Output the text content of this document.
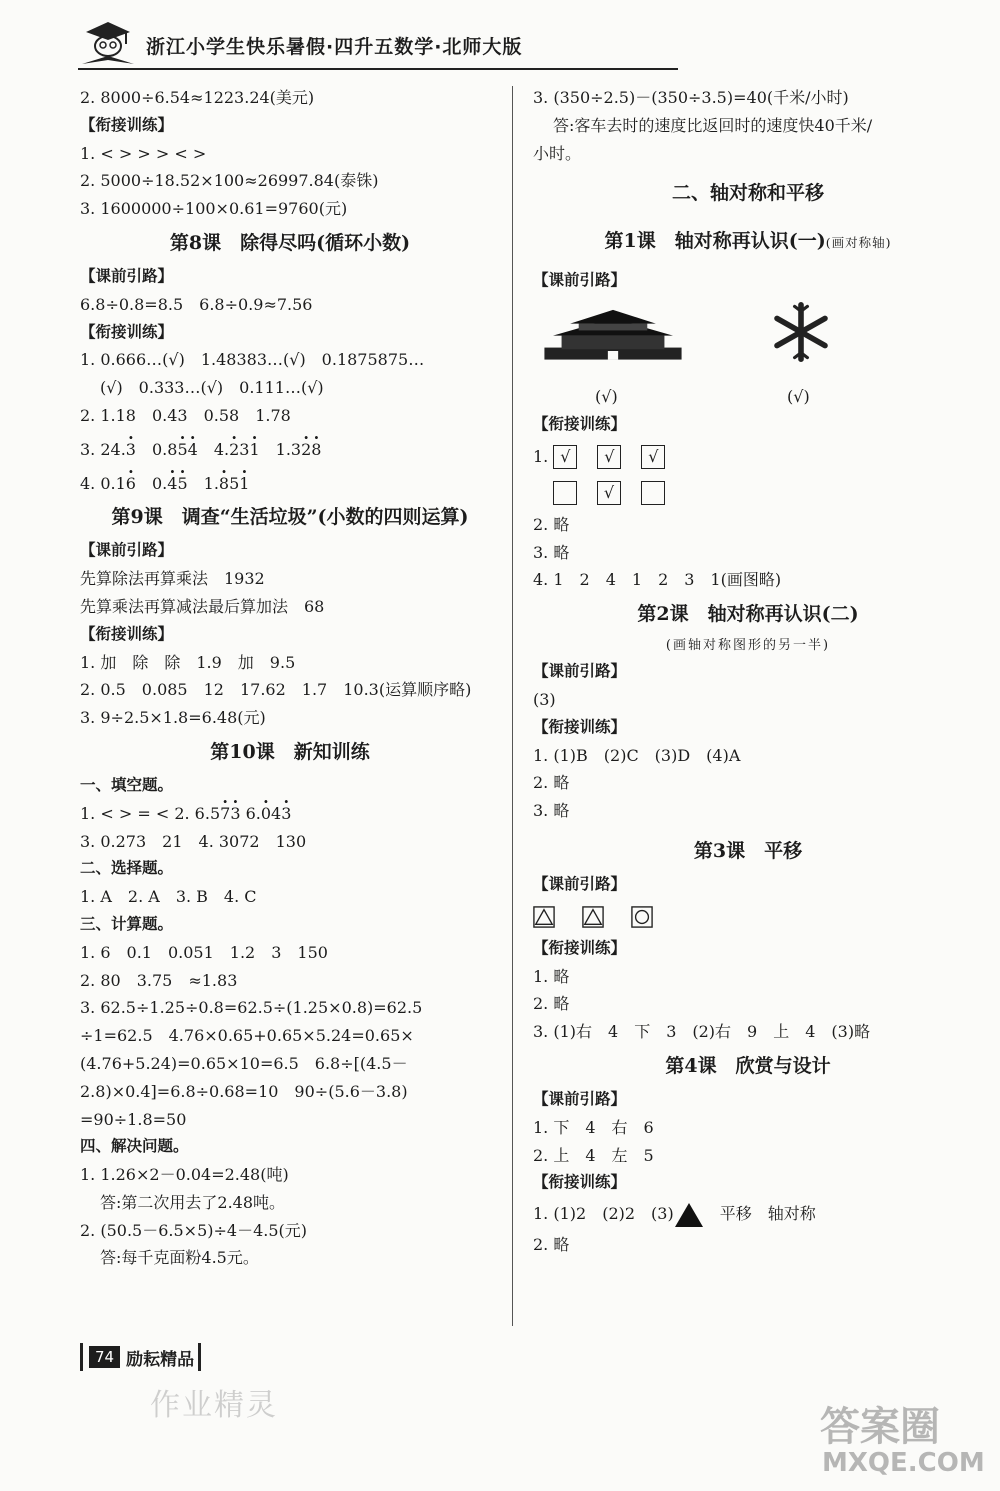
浙江小学生快乐暑假·四升五数学·北师大版
2. 8000÷6.54≈1223.24(美元)
【衔接训练】
1. < > > > < >
2. 5000÷18.52×100≈26997.84(泰铢)
3. 1600000÷100×0.61=9760(元)
第8课　除得尽吗(循环小数)
【课前引路】
6.8÷0.8=8.5　6.8÷0.9≈7.56
【衔接训练】
1. 0.666…(√)　1.48383…(√)　0.1875875…
(√)　0.333…(√)　0.111…(√)
2. 1.18　0.43　0.58　1.78
3. 24.· 3　0.8· 5· 4　4.· 23· 1　1.3· 2· 8
4. 0.1· 6　0.· 4· 5　1.· 85· 1
第9课　调查“生活垃圾”(小数的四则运算)
【课前引路】
先算除法再算乘法　1932
先算乘法再算减法最后算加法　68
【衔接训练】
1. 加　除　除　1.9　加　9.5
2. 0.5　0.085　12　17.62　1.7　10.3(运算顺序略)
3. 9÷2.5×1.8=6.48(元)
第10课　新知训练
一、填空题。
1. < > = < 2. 6.5· 7· 3 6.· 04· 3
3. 0.273　21　4. 3072　130
二、选择题。
1. A　2. A　3. B　4. C
三、计算题。
1. 6　0.1　0.051　1.2　3　150
2. 80　3.75　≈1.83
3. 62.5÷1.25÷0.8=62.5÷(1.25×0.8)=62.5
÷1=62.5　4.76×0.65+0.65×5.24=0.65×
(4.76+5.24)=0.65×10=6.5　6.8÷[(4.5－
2.8)×0.4]=6.8÷0.68=10　90÷(5.6－3.8)
=90÷1.8=50
四、解决问题。
1. 1.26×2－0.04=2.48(吨)
答:第二次用去了2.48吨。
2. (50.5－6.5×5)÷4－4.5(元)
答:每千克面粉4.5元。
3. (350÷2.5)－(350÷3.5)=40(千米/小时)
答:客车去时的速度比返回时的速度快40千米/
小时。
二、轴对称和平移
第1课　轴对称再认识(一)(画对称轴)
【课前引路】
(√)	(√)
【衔接训练】
1. √ √ √
√
2. 略
3. 略
4. 1　2　4　1　2　3　1(画图略)
第2课　轴对称再认识(二)
(画轴对称图形的另一半)
【课前引路】
(3)
【衔接训练】
1. (1)B　(2)C　(3)D　(4)A
2. 略
3. 略
第3课　平移
【课前引路】

【衔接训练】
1. 略
2. 略
3. (1)右　4　下　3　(2)右　9　上　4　(3)略
第4课　欣赏与设计
【课前引路】
1. 下　4　右　6
2. 上　4　左　5
【衔接训练】
1. (1)2　(2)2　(3)　平移　轴对称
2. 略
74 励耘精品
作业精灵	答案圈
MXQE.COM
